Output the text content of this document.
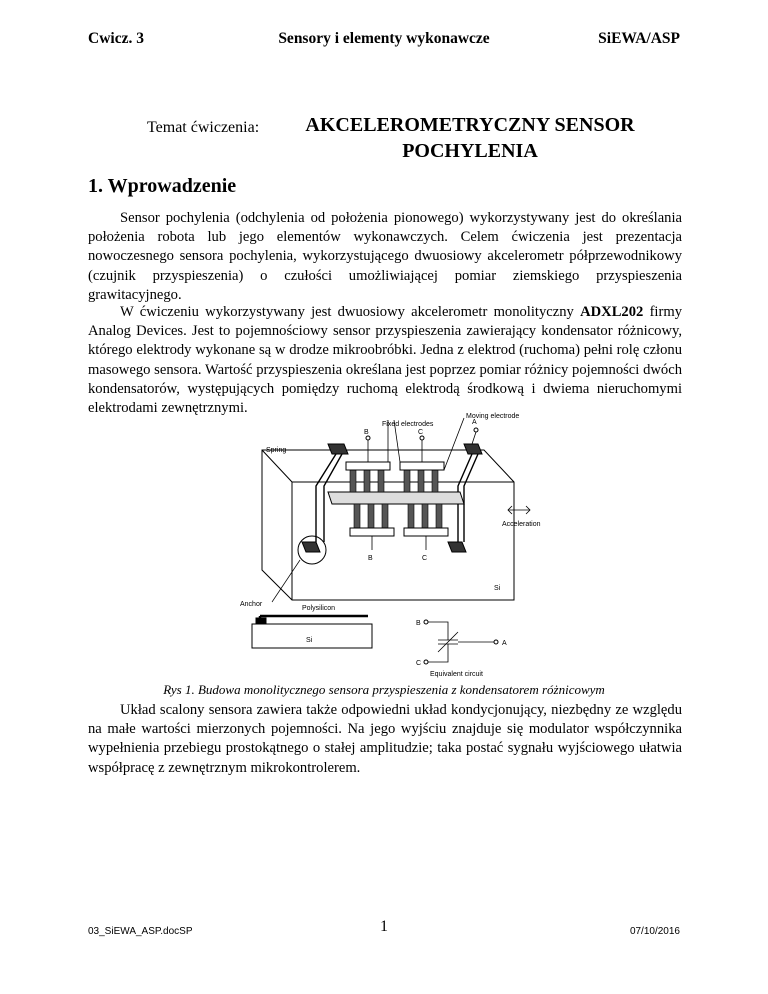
Cwicz. 3	Sensory i elementy wykonawcze	SiEWA/ASP
Temat ćwiczenia: AKCELEROMETRYCZNY SENSOR
POCHYLENIA
1. Wprowadzenie

Sensor pochylenia (odchylenia od położenia pionowego) wykorzystywany jest do określania położenia robota lub jego elementów wykonawczych. Celem ćwiczenia jest prezentacja nowoczesnego sensora pochylenia, wykorzystującego dwuosiowy akcelerometr półprzewodnikowy (czujnik przyspieszenia) o czułości umożliwiającej pomiar ziemskiego przyspieszenia grawitacyjnego.

W ćwiczeniu wykorzystywany jest dwuosiowy akcelerometr monolityczny ADXL202 firmy Analog Devices. Jest to pojemnościowy sensor przyspieszenia zawierający kondensator różnicowy, którego elektrody wykonane są w drodze mikroobróbki. Jedna z elektrod (ruchoma) pełni rolę członu masowego sensora. Wartość przyspieszenia określana jest poprzez pomiar różnicy pojemności dwóch kondensatorów, występujących pomiędzy ruchomą elektrodą środkową i dwiema nieruchomymi elektrodami zewnętrznymi.

Fixed electrodes
Moving electrode
Spring
Acceleration
Si
B	C
A
B	C
Anchor
Polysilicon
Si
B
A
C
Equivalent circuit
Rys 1. Budowa monolitycznego sensora przyspieszenia z kondensatorem różnicowym

Układ scalony sensora zawiera także odpowiedni układ kondycjonujący, niezbędny ze względu na małe wartości mierzonych pojemności. Na jego wyjściu znajduje się modulator współczynnika wypełnienia przebiegu prostokątnego o stałej amplitudzie; taka postać sygnału wyjściowego ułatwia współpracę z zewnętrznym mikrokontrolerem.

03_SiEWA_ASP.docSP	1	07/10/2016
